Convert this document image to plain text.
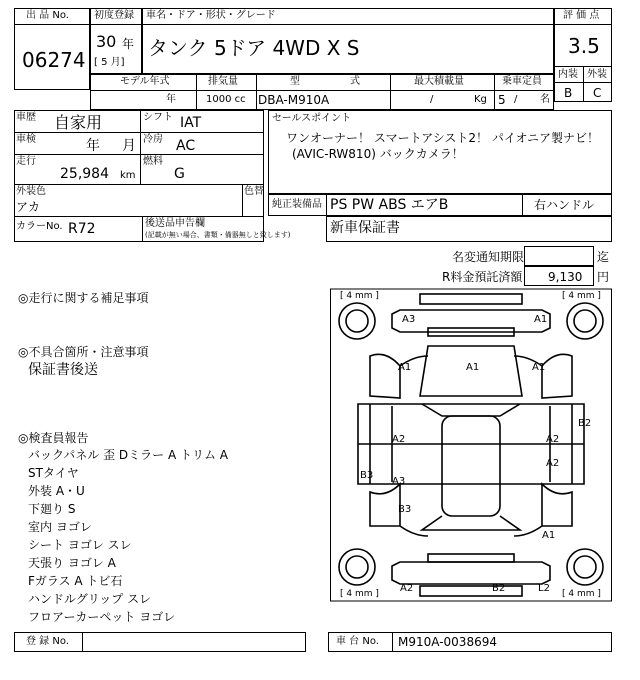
出 品 No.
06274
初度登録
30 年
[ 5 月]
車名・ドア・形状・グレード
タンク 5ドア 4WD X S
評 価 点
3.5
内装 外装
B C
モデル年式
年
排気量
1000 cc
型	式
DBA-M910A
最大積載量
/	Kg
乗車定員
5 / 名
車歴 自家用	シフト IAT
車検	年 月 冷房 AC
走行
25,984 km
燃料
G
外装色
アカ
色替
カラーNo. R72	後送品申告欄
(記載が無い場合、書類・備器無しと致します)
セールスポイント
ワンオーナー！ スマートアシスト2！ パイオニア製ナビ！
(AVIC-RW810) バックカメラ！
純正装備品 PS PW ABS エアB	右ハンドル
新車保証書
名変通知期限	迄
R料金預託済額 9,130 円
◎走行に関する補足事項
◎不具合箇所・注意事項
保証書後送
◎検査員報告
バックパネル 歪 Dミラー A トリム A
STタイヤ
外装 A・U
下廻り S
室内 ヨゴレ
シート ヨゴレ スレ
天張り ヨゴレ A
Fガラス A トビ石
ハンドルグリップ スレ
フロアーカーペット ヨゴレ
[ 4 mm ]	[ 4 mm ]
[ 4 mm ]	[ 4 mm ]
A3	A1
A1	A1	A1
B2
A2	A2
A2
B3
A3
B3
A1
A2	B2	L2
登 録 No.	車 台 No. M910A-0038694
